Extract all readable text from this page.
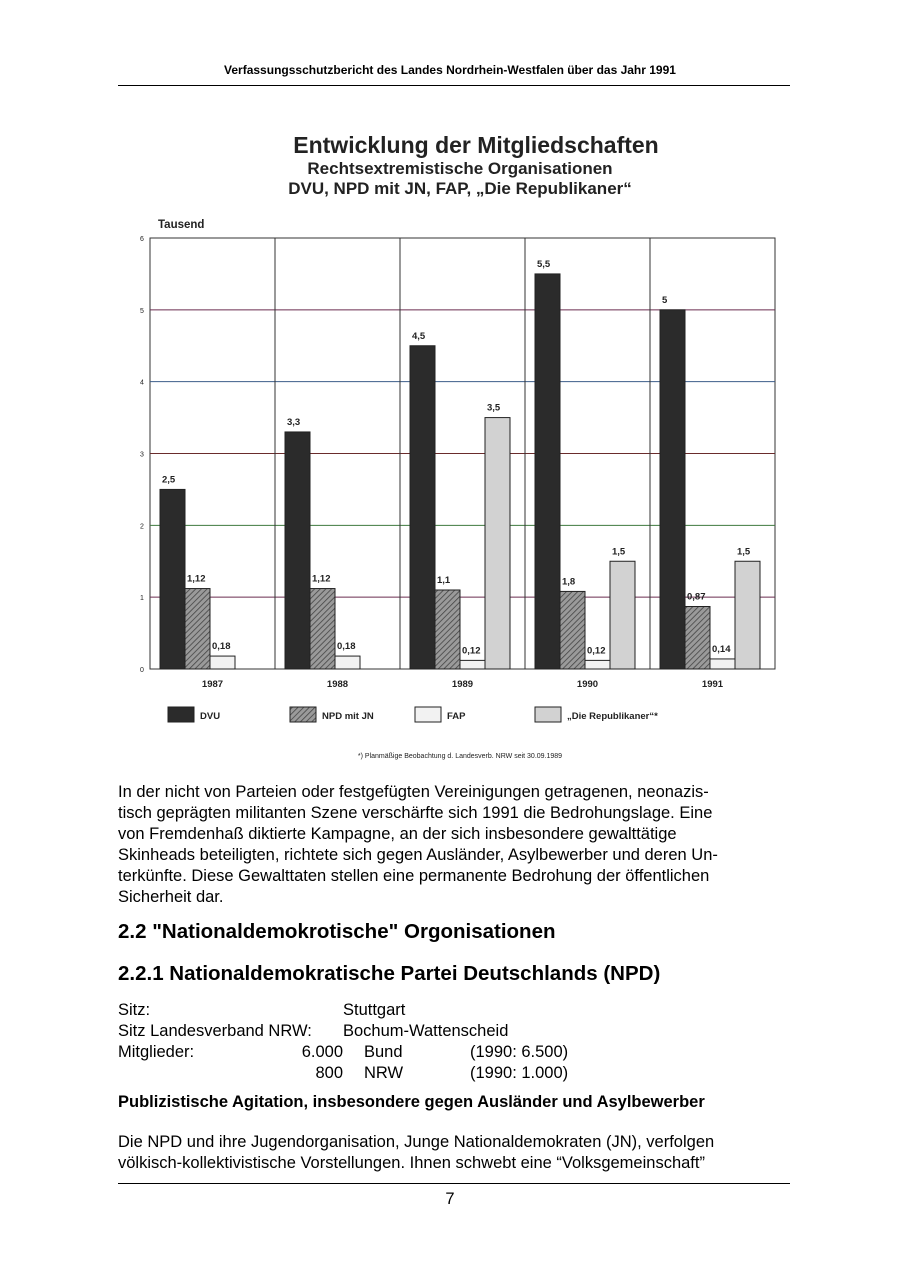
Verfassungsschutzbericht des Landes Nordrhein-Westfalen über das Jahr 1991
Entwicklung der Mitgliedschaften
Rechtsextremistische Organisationen
DVU, NPD mit JN, FAP, „Die Republikaner“
Tausend
0
1
2
3
4
5
6
2,5
1,12
0,18
1987
3,3
1,12
0,18
1988
4,5
1,1
0,12
3,5
1989
5,5
1,8
0,12
1,5
1990
5
0,87
0,14
1,5
1991
DVU	NPD mit JN	FAP	„Die Republikaner“*
*) Planmäßige Beobachtung d. Landesverb. NRW seit 30.09.1989
In der nicht von Parteien oder festgefügten Vereinigungen getragenen, neonazis-
tisch geprägten militanten Szene verschärfte sich 1991 die Bedrohungslage. Eine
von Fremdenhaß diktierte Kampagne, an der sich insbesondere gewalttätige
Skinheads beteiligten, richtete sich gegen Ausländer, Asylbewerber und deren Un-
terkünfte. Diese Gewalttaten stellen eine permanente Bedrohung der öffentlichen
Sicherheit dar.
2.2 "Nationaldemokrotische" Orgonisationen
2.2.1 Nationaldemokratische Partei Deutschlands (NPD)
Sitz:	Stuttgart
Sitz Landesverband NRW: Bochum-Wattenscheid
Mitglieder:	6.000 Bund	(1990: 6.500)
800 NRW	(1990: 1.000)
Publizistische Agitation, insbesondere gegen Ausländer und Asylbewerber
Die NPD und ihre Jugendorganisation, Junge Nationaldemokraten (JN), verfolgen
völkisch-kollektivistische Vorstellungen. Ihnen schwebt eine “Volksgemeinschaft”
7
